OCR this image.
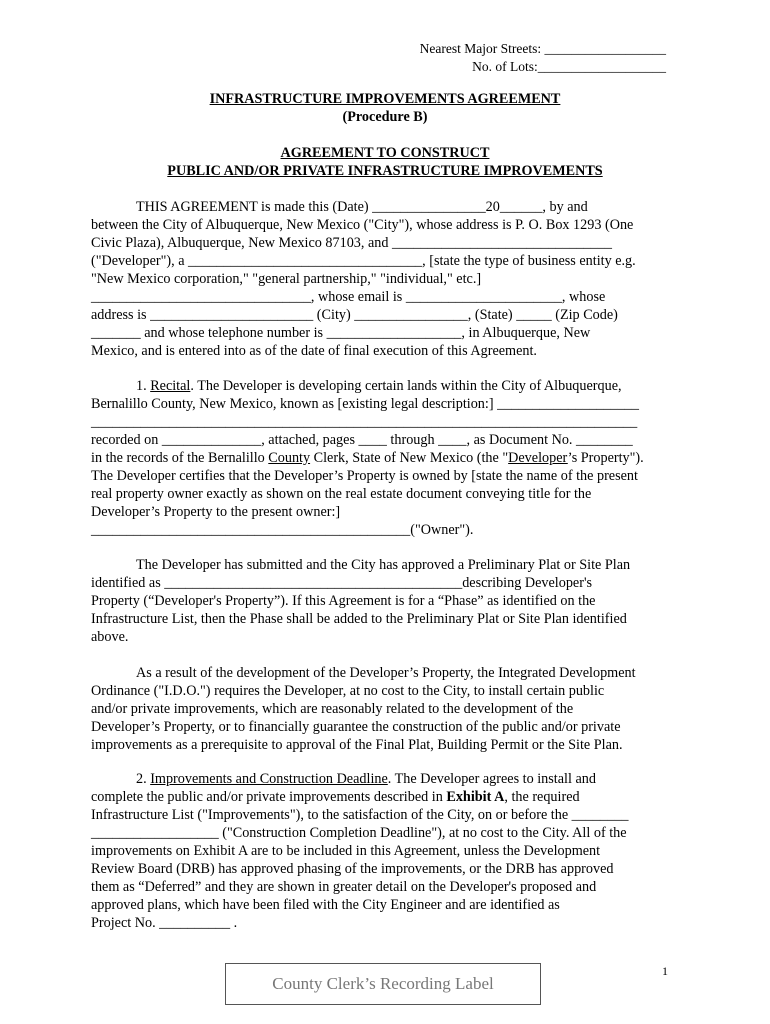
Nearest Major Streets: __________________
No. of Lots:___________________
INFRASTRUCTURE IMPROVEMENTS AGREEMENT
(Procedure B)
AGREEMENT TO CONSTRUCT
PUBLIC AND/OR PRIVATE INFRASTRUCTURE IMPROVEMENTS
THIS AGREEMENT is made this (Date) ________________20______, by and
between the City of Albuquerque, New Mexico ("City"), whose address is P. O. Box 1293 (One
Civic Plaza), Albuquerque, New Mexico 87103, and _______________________________
("Developer"), a _________________________________, [state the type of business entity e.g.
"New Mexico corporation," "general partnership," "individual," etc.]
_______________________________, whose email is ______________________, whose
address is _______________________ (City) ________________, (State) _____ (Zip Code)
_______ and whose telephone number is ___________________, in Albuquerque, New
Mexico, and is entered into as of the date of final execution of this Agreement.
1. Recital. The Developer is developing certain lands within the City of Albuquerque,
Bernalillo County, New Mexico, known as [existing legal description:] ____________________
_____________________________________________________________________________
recorded on ______________, attached, pages ____ through ____, as Document No. ________
in the records of the Bernalillo County Clerk, State of New Mexico (the "Developer’s Property").
The Developer certifies that the Developer’s Property is owned by [state the name of the present
real property owner exactly as shown on the real estate document conveying title for the
Developer’s Property to the present owner:]
_____________________________________________("Owner").
The Developer has submitted and the City has approved a Preliminary Plat or Site Plan
identified as __________________________________________describing Developer's
Property (“Developer's Property”). If this Agreement is for a “Phase” as identified on the
Infrastructure List, then the Phase shall be added to the Preliminary Plat or Site Plan identified
above.
As a result of the development of the Developer’s Property, the Integrated Development
Ordinance ("I.D.O.") requires the Developer, at no cost to the City, to install certain public
and/or private improvements, which are reasonably related to the development of the
Developer’s Property, or to financially guarantee the construction of the public and/or private
improvements as a prerequisite to approval of the Final Plat, Building Permit or the Site Plan.
2. Improvements and Construction Deadline. The Developer agrees to install and
complete the public and/or private improvements described in Exhibit A, the required
Infrastructure List ("Improvements"), to the satisfaction of the City, on or before the ________
__________________ ("Construction Completion Deadline"), at no cost to the City. All of the
improvements on Exhibit A are to be included in this Agreement, unless the Development
Review Board (DRB) has approved phasing of the improvements, or the DRB has approved
them as “Deferred” and they are shown in greater detail on the Developer's proposed and
approved plans, which have been filed with the City Engineer and are identified as
Project No. __________ .
1
County Clerk’s Recording Label
